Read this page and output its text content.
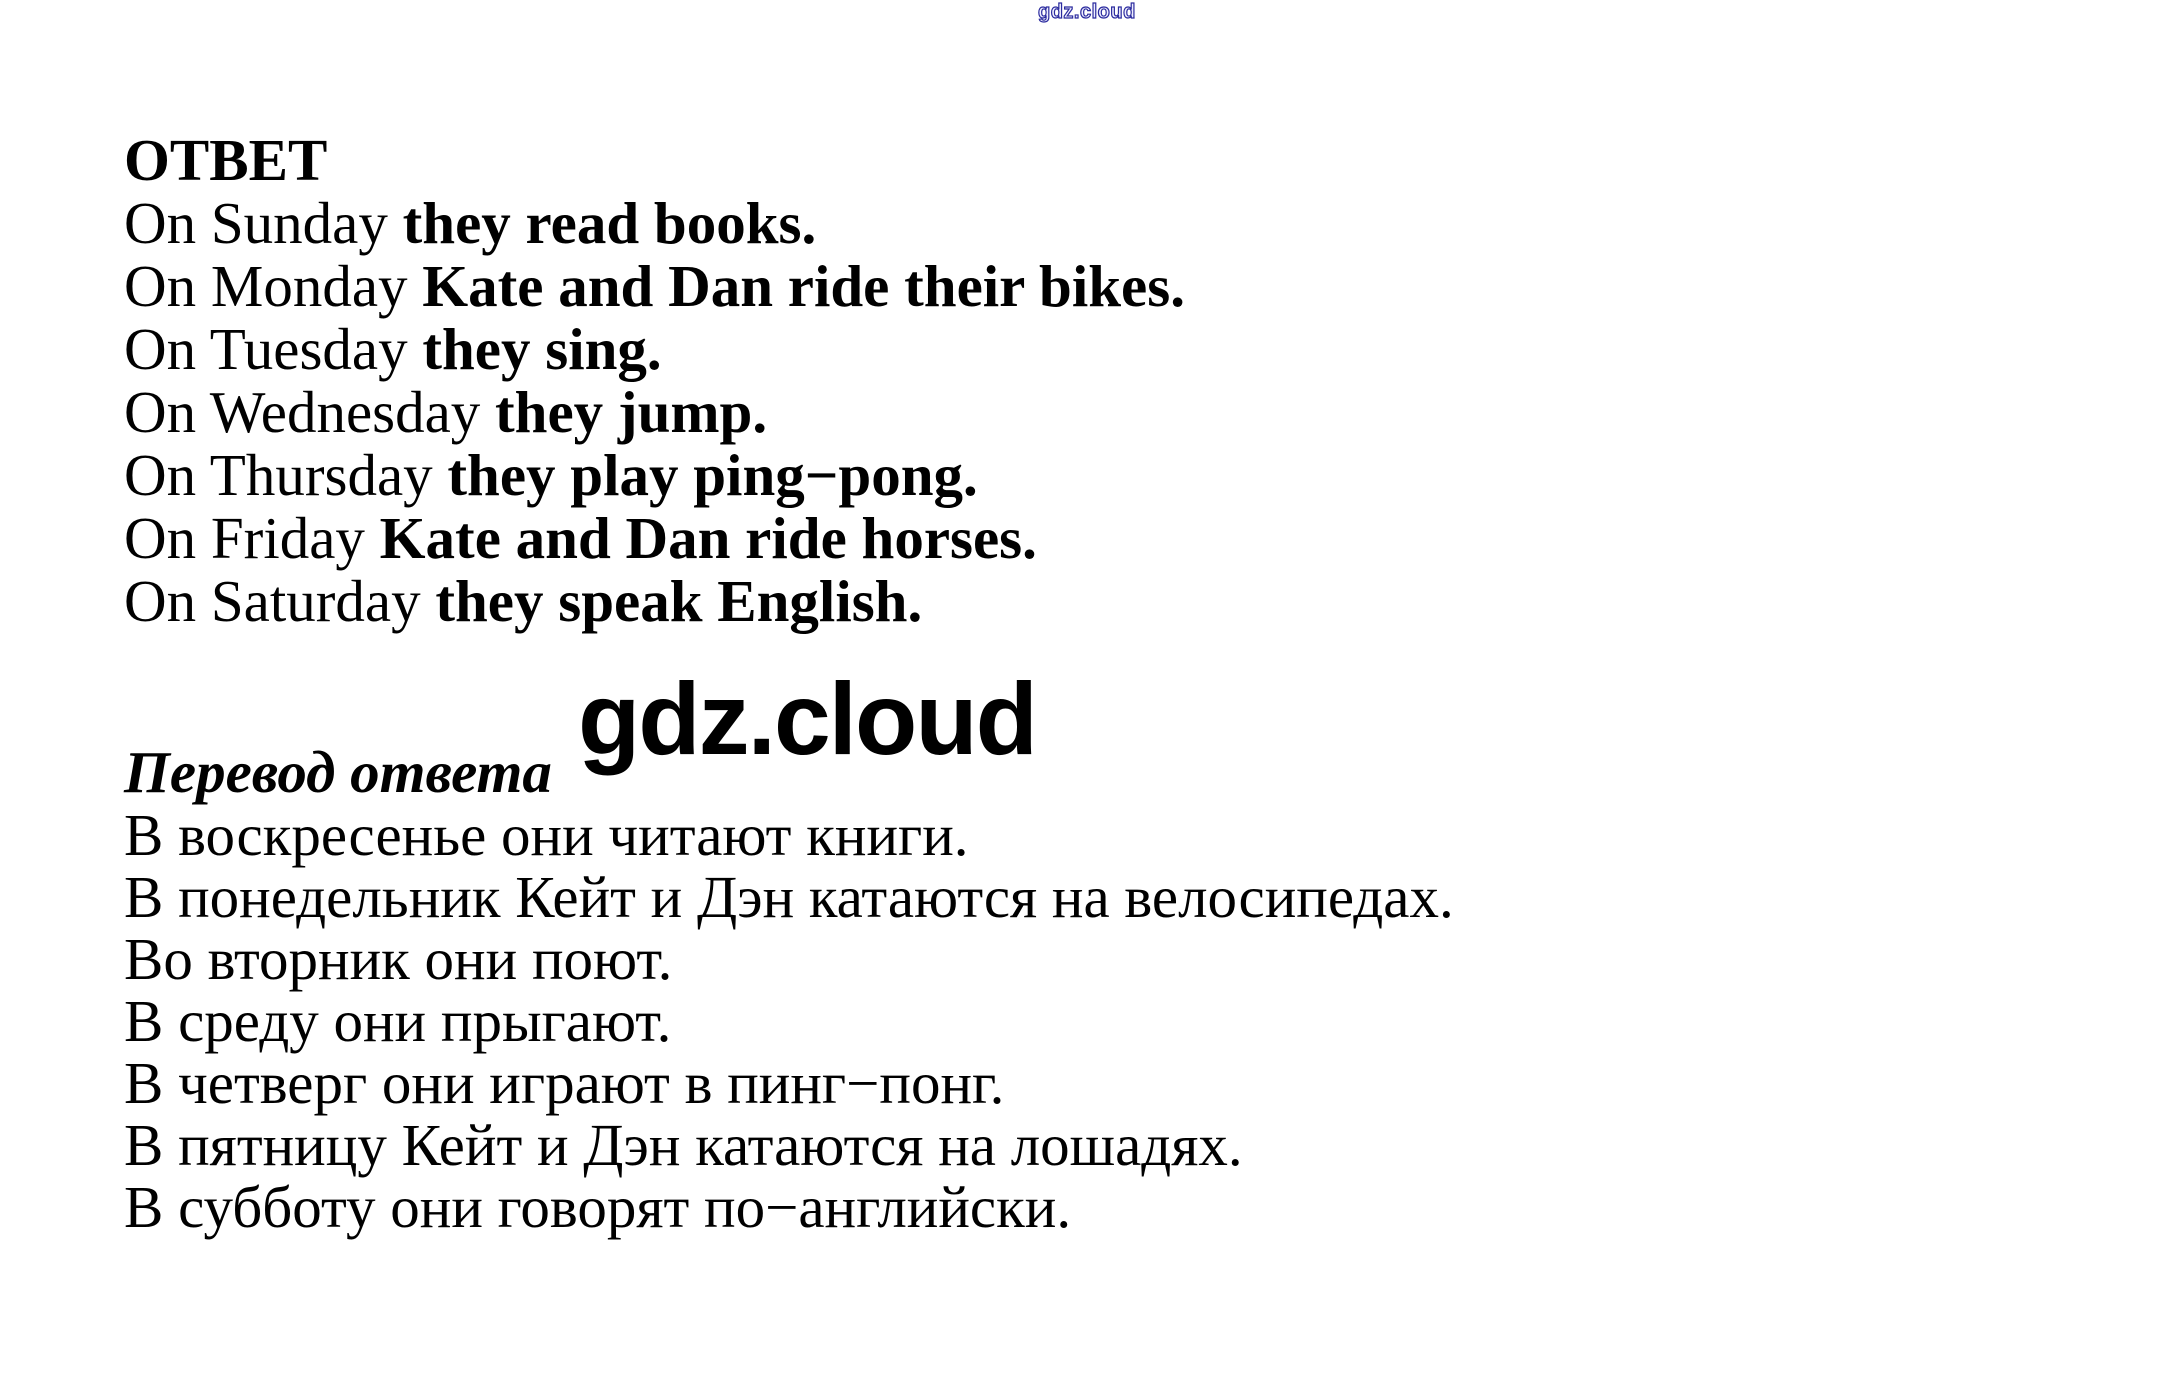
gdz.cloud
gdz.cloud

ОТВЕТ

On Sunday they read books.

On Monday Kate and Dan ride their bikes.

On Tuesday they sing.

On Wednesday they jump.

On Thursday they play ping−pong.

On Friday Kate and Dan ride horses.

On Saturday they speak English.

Перевод ответа

В воскресенье они читают книги.

В понедельник Кейт и Дэн катаются на велосипедах.

Во вторник они поют.

В среду они прыгают.

В четверг они играют в пинг−понг.

В пятницу Кейт и Дэн катаются на лошадях.

В субботу они говорят по−английски.
